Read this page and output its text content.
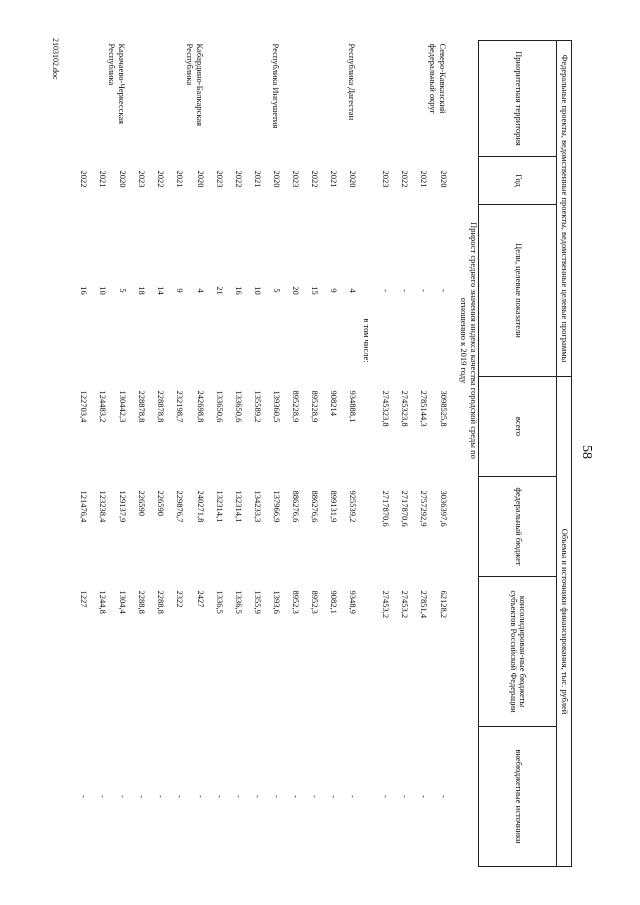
58
Федеральные проекты, ведомственные проекты, ведомственные целевые программы			Объемы и источники финансирования, тыс. рублей			
Приоритетная территория	Год	Цели, целевые показатели	всего	федеральный бюджет	консолидирован-ные бюджеты субъектов Российской Федерации	внебюджетные источники
		Прирост среднего значения индекса качества городской среды по отношению к 2019 году				
Северо-Кавказский федеральный округ	2020	-	3098525,8	3036397,6	62128,2	-
	2021	-	2785144,3	2757292,9	27851,4	-
	2022	-	2745323,8	2717870,6	27453,2	-
	2023	-	2745323,8	2717870,6	27453,2	-
		в том числе:				
Республика Дагестан	2020	4	934888,1	925539,2	9348,9	-
	2021	9	908214	899131,9	9082,1	-
	2022	15	895228,9	886276,6	8952,3	-
	2023	20	895228,9	886276,6	8952,3	-
Республика Ингушетия	2020	5	139360,5	137966,9	1393,6	-
	2021	10	135589,2	134233,3	1355,9	-
	2022	16	133650,6	132314,1	1336,5	-
	2023	21	133650,6	132314,1	1336,5	-
Кабардино-Балкарская Республика	2020	4	242698,8	240271,8	2427	-
	2021	9	232198,7	229876,7	2322	-
	2022	14	228878,8	226590	2288,8	-
	2023	18	228878,8	226590	2288,8	-
Карачаево-Черкесская Республика	2020	5	130442,3	129137,9	1304,4	-
	2021	10	124483,2	123238,4	1244,8	-
	2022	16	122703,4	121476,4	1227	-
2103102.doc
